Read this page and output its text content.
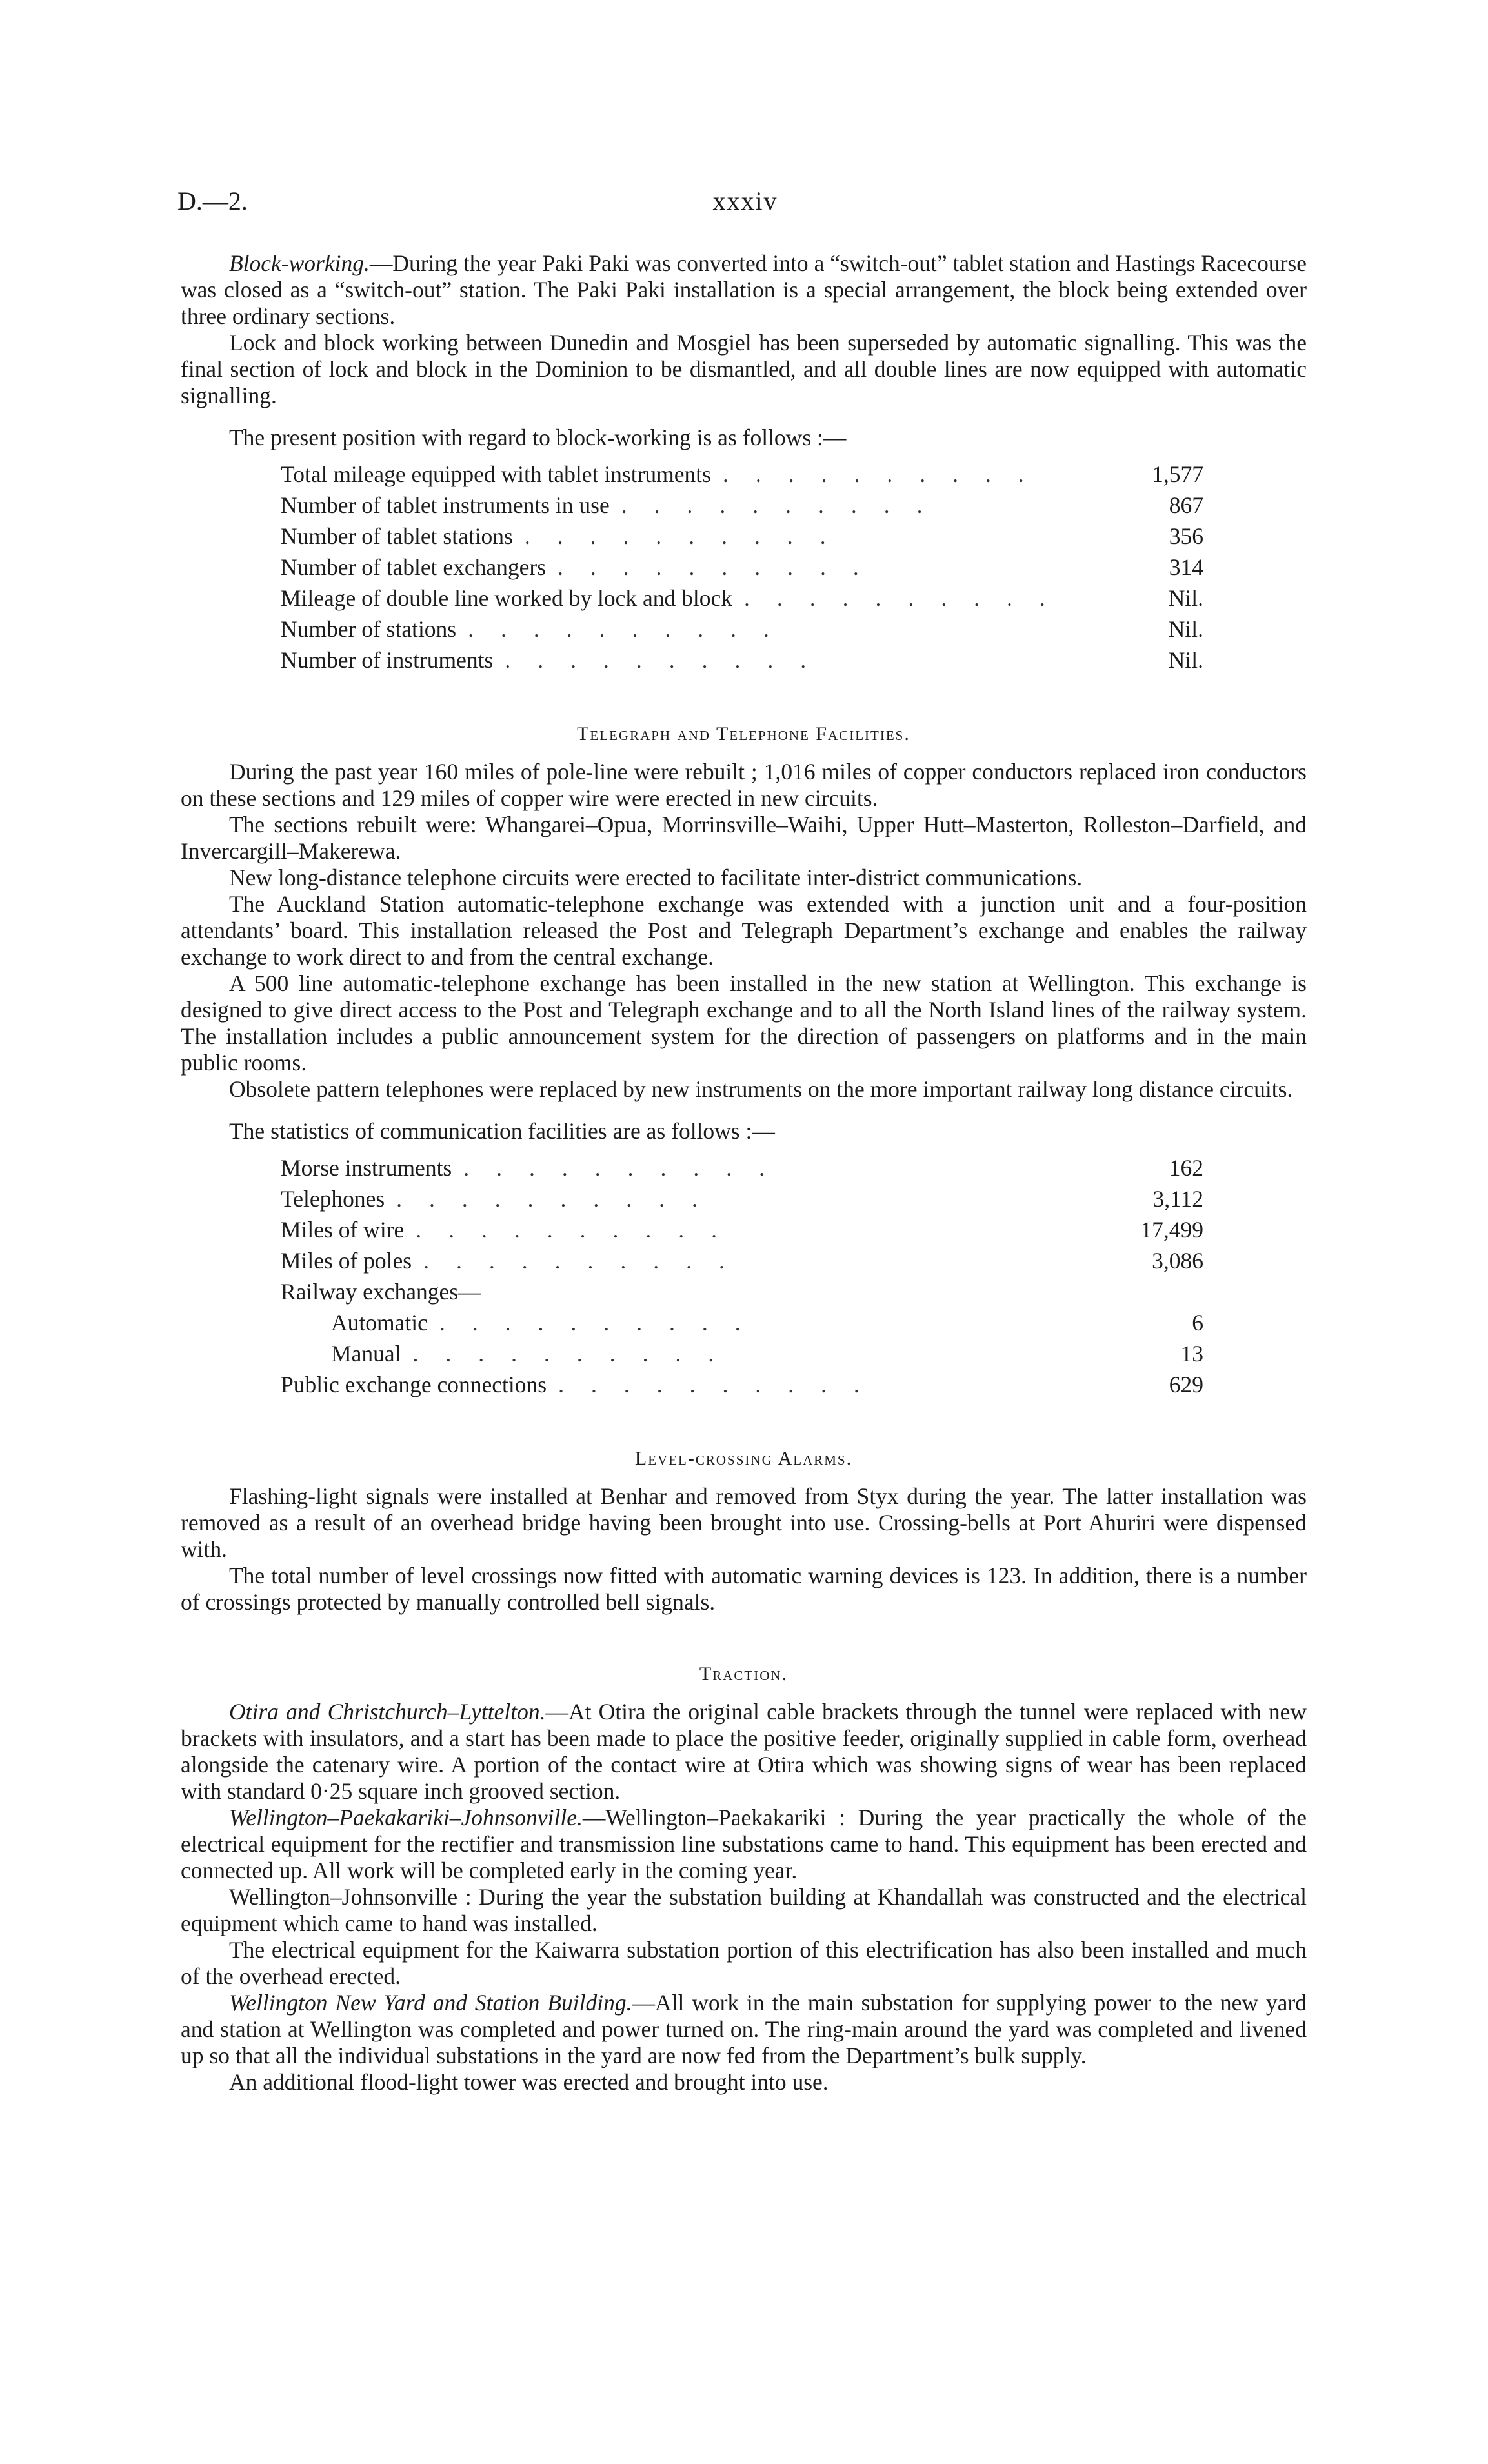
D.—2.	xxxiv

Block-working.—During the year Paki Paki was converted into a “switch-out” tablet station and Hastings Racecourse was closed as a “switch-out” station. The Paki Paki installation is a special arrangement, the block being extended over three ordinary sections.

Lock and block working between Dunedin and Mosgiel has been superseded by automatic signalling. This was the final section of lock and block in the Dominion to be dismantled, and all double lines are now equipped with automatic signalling.

The present position with regard to block-working is as follows :—

Total mileage equipped with tablet instruments ..........	1,577
Number of tablet instruments in use ..........	867
Number of tablet stations ..........	356
Number of tablet exchangers ..........	314
Mileage of double line worked by lock and block ..........	Nil.
Number of stations ..........	Nil.
Number of instruments ..........	Nil.
Telegraph and Telephone Facilities.

During the past year 160 miles of pole-line were rebuilt ; 1,016 miles of copper conductors replaced iron conductors on these sections and 129 miles of copper wire were erected in new circuits.

The sections rebuilt were: Whangarei–Opua, Morrinsville–Waihi, Upper Hutt–Masterton, Rolleston–Darfield, and Invercargill–Makerewa.

New long-distance telephone circuits were erected to facilitate inter-district communications.

The Auckland Station automatic-telephone exchange was extended with a junction unit and a four-position attendants’ board. This installation released the Post and Telegraph Department’s exchange and enables the railway exchange to work direct to and from the central exchange.

A 500 line automatic-telephone exchange has been installed in the new station at Wellington. This exchange is designed to give direct access to the Post and Telegraph exchange and to all the North Island lines of the railway system. The installation includes a public announcement system for the direction of passengers on platforms and in the main public rooms.

Obsolete pattern telephones were replaced by new instruments on the more important railway long distance circuits.

The statistics of communication facilities are as follows :—

Morse instruments ..........	162
Telephones ..........	3,112
Miles of wire ..........	17,499
Miles of poles ..........	3,086
Railway exchanges—
Automatic ..........	6
Manual ..........	13
Public exchange connections ..........	629
Level-crossing Alarms.

Flashing-light signals were installed at Benhar and removed from Styx during the year. The latter installation was removed as a result of an overhead bridge having been brought into use. Crossing-bells at Port Ahuriri were dispensed with.

The total number of level crossings now fitted with automatic warning devices is 123. In addition, there is a number of crossings protected by manually controlled bell signals.

Traction.

Otira and Christchurch–Lyttelton.—At Otira the original cable brackets through the tunnel were replaced with new brackets with insulators, and a start has been made to place the positive feeder, originally supplied in cable form, overhead alongside the catenary wire. A portion of the contact wire at Otira which was showing signs of wear has been replaced with standard 0·25 square inch grooved section.

Wellington–Paekakariki–Johnsonville.—Wellington–Paekakariki : During the year practically the whole of the electrical equipment for the rectifier and transmission line substations came to hand. This equipment has been erected and connected up. All work will be completed early in the coming year.

Wellington–Johnsonville : During the year the substation building at Khandallah was constructed and the electrical equipment which came to hand was installed.

The electrical equipment for the Kaiwarra substation portion of this electrification has also been installed and much of the overhead erected.

Wellington New Yard and Station Building.—All work in the main substation for supplying power to the new yard and station at Wellington was completed and power turned on. The ring-main around the yard was completed and livened up so that all the individual substations in the yard are now fed from the Department’s bulk supply.

An additional flood-light tower was erected and brought into use.
